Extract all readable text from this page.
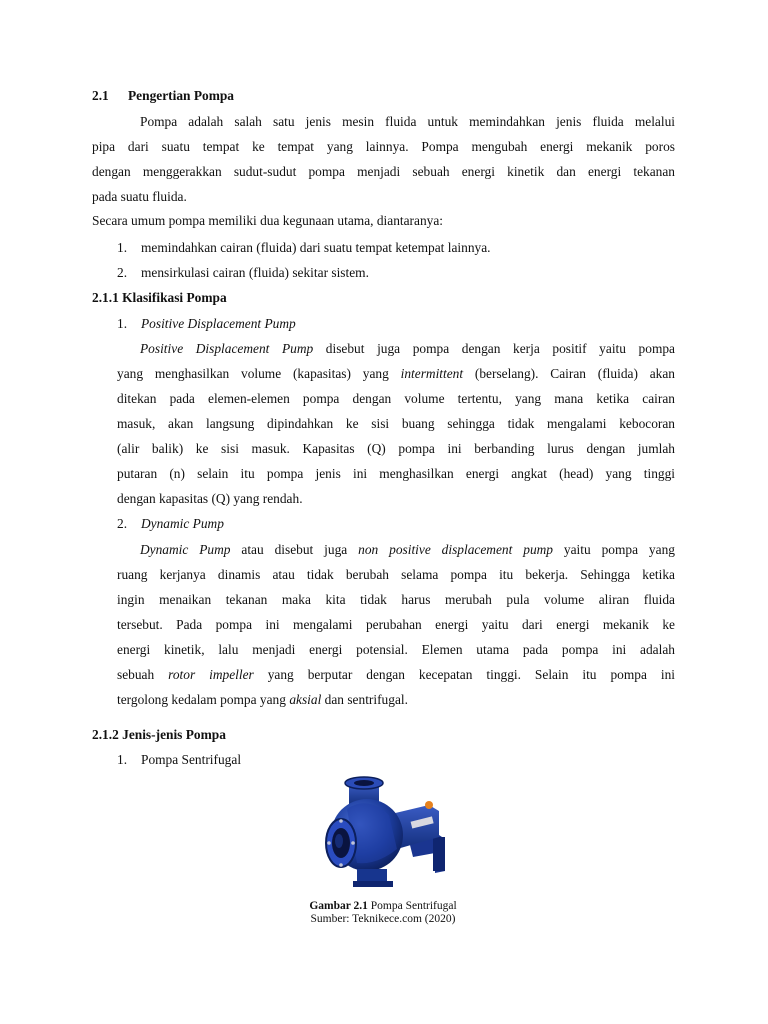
2.1 Pengertian Pompa
Pompa adalah salah satu jenis mesin fluida untuk memindahkan jenis fluida melalui
pipa dari suatu tempat ke tempat yang lainnya. Pompa mengubah energi mekanik poros
dengan menggerakkan sudut-sudut pompa menjadi sebuah energi kinetik dan energi tekanan
pada suatu fluida.
Secara umum pompa memiliki dua kegunaan utama, diantaranya:
1. memindahkan cairan (fluida) dari suatu tempat ketempat lainnya.
2. mensirkulasi cairan (fluida) sekitar sistem.
2.1.1 Klasifikasi Pompa
1. Positive Displacement Pump
Positive Displacement Pump disebut juga pompa dengan kerja positif yaitu pompa
yang menghasilkan volume (kapasitas) yang intermittent (berselang). Cairan (fluida) akan
ditekan pada elemen-elemen pompa dengan volume tertentu, yang mana ketika cairan
masuk, akan langsung dipindahkan ke sisi buang sehingga tidak mengalami kebocoran
(alir balik) ke sisi masuk. Kapasitas (Q) pompa ini berbanding lurus dengan jumlah
putaran (n) selain itu pompa jenis ini menghasilkan energi angkat (head) yang tinggi
dengan kapasitas (Q) yang rendah.
2. Dynamic Pump
Dynamic Pump atau disebut juga non positive displacement pump yaitu pompa yang
ruang kerjanya dinamis atau tidak berubah selama pompa itu bekerja. Sehingga ketika
ingin menaikan tekanan maka kita tidak harus merubah pula volume aliran fluida
tersebut. Pada pompa ini mengalami perubahan energi yaitu dari energi mekanik ke
energi kinetik, lalu menjadi energi potensial. Elemen utama pada pompa ini adalah
sebuah rotor impeller yang berputar dengan kecepatan tinggi. Selain itu pompa ini
tergolong kedalam pompa yang aksial dan sentrifugal.
2.1.2 Jenis-jenis Pompa
1. Pompa Sentrifugal
Gambar 2.1 Pompa Sentrifugal
Sumber: Teknikece.com (2020)
